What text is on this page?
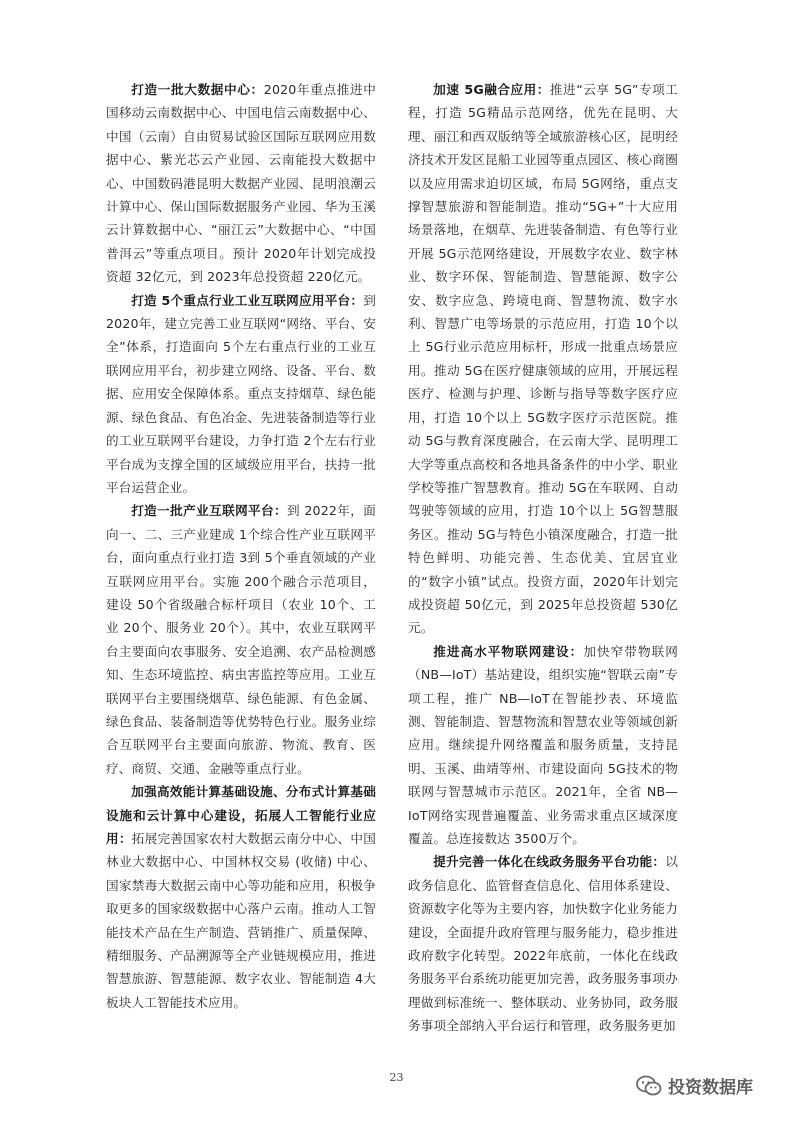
打造一批大数据中心：2020年重点推进中国移动云南数据中心、中国电信云南数据中心、中国（云南）自由贸易试验区国际互联网应用数据中心、紫光芯云产业园、云南能投大数据中心、中国数码港昆明大数据产业园、昆明浪潮云计算中心、保山国际数据服务产业园、华为玉溪云计算数据中心、“丽江云”大数据中心、“中国普洱云”等重点项目。预计 2020年计划完成投资超 32亿元，到 2023年总投资超 220亿元。

打造 5个重点行业工业互联网应用平台：到 2020年，建立完善工业互联网“网络、平台、安全”体系，打造面向 5个左右重点行业的工业互联网应用平台，初步建立网络、设备、平台、数据、应用安全保障体系。重点支持烟草、绿色能源、绿色食品、有色冶金、先进装备制造等行业的工业互联网平台建设，力争打造 2个左右行业平台成为支撑全国的区域级应用平台，扶持一批平台运营企业。

打造一批产业互联网平台：到 2022年，面向一、二、三产业建成 1个综合性产业互联网平台，面向重点行业打造 3到 5个垂直领域的产业互联网应用平台。实施 200个融合示范项目，建设 50个省级融合标杆项目（农业 10个、工业 20个、服务业 20个）。其中，农业互联网平台主要面向农事服务、安全追溯、农产品检测感知、生态环境监控、病虫害监控等应用。工业互联网平台主要围绕烟草、绿色能源、有色金属、绿色食品、装备制造等优势特色行业。服务业综合互联网平台主要面向旅游、物流、教育、医疗、商贸、交通、金融等重点行业。

加强高效能计算基础设施、分布式计算基础设施和云计算中心建设，拓展人工智能行业应用：拓展完善国家农村大数据云南分中心、中国林业大数据中心、中国林权交易 (收储) 中心、国家禁毒大数据云南中心等功能和应用，积极争取更多的国家级数据中心落户云南。推动人工智能技术产品在生产制造、营销推广、质量保障、精细服务、产品溯源等全产业链规模应用，推进智慧旅游、智慧能源、数字农业、智能制造 4大板块人工智能技术应用。

加速 5G融合应用：推进“云享 5G”专项工程，打造 5G精品示范网络，优先在昆明、大理、丽江和西双版纳等全域旅游核心区，昆明经济技术开发区昆船工业园等重点园区、核心商圈以及应用需求迫切区域，布局 5G网络，重点支撑智慧旅游和智能制造。推动“5G+”十大应用场景落地，在烟草、先进装备制造、有色等行业开展 5G示范网络建设，开展数字农业、数字林业、数字环保、智能制造、智慧能源、数字公安、数字应急、跨境电商、智慧物流、数字水利、智慧广电等场景的示范应用，打造 10个以上 5G行业示范应用标杆，形成一批重点场景应用。推动 5G在医疗健康领域的应用，开展远程医疗、检测与护理、诊断与指导等数字医疗应用，打造 10个以上 5G数字医疗示范医院。推动 5G与教育深度融合，在云南大学、昆明理工大学等重点高校和各地具备条件的中小学、职业学校等推广智慧教育。推动 5G在车联网、自动驾驶等领域的应用，打造 10个以上 5G智慧服务区。推动 5G与特色小镇深度融合，打造一批特色鲜明、功能完善、生态优美、宜居宜业的“数字小镇”试点。投资方面，2020年计划完成投资超 50亿元，到 2025年总投资超 530亿元。

推进高水平物联网建设：加快窄带物联网（NB—IoT）基站建设，组织实施“智联云南”专项工程，推广 NB—IoT在智能抄表、环境监测、智能制造、智慧物流和智慧农业等领域创新应用。继续提升网络覆盖和服务质量，支持昆明、玉溪、曲靖等州、市建设面向 5G技术的物联网与智慧城市示范区。2021年，全省 NB—IoT网络实现普遍覆盖、业务需求重点区域深度覆盖。总连接数达 3500万个。

提升完善一体化在线政务服务平台功能：以政务信息化、监管督查信息化、信用体系建设、资源数字化等为主要内容，加快数字化业务能力建设，全面提升政府管理与服务能力，稳步推进政府数字化转型。2022年底前，一体化在线政务服务平台系统功能更加完善，政务服务事项办理做到标准统一、整体联动、业务协同，政务服务事项全部纳入平台运行和管理，政务服务更加

23
投资数据库
